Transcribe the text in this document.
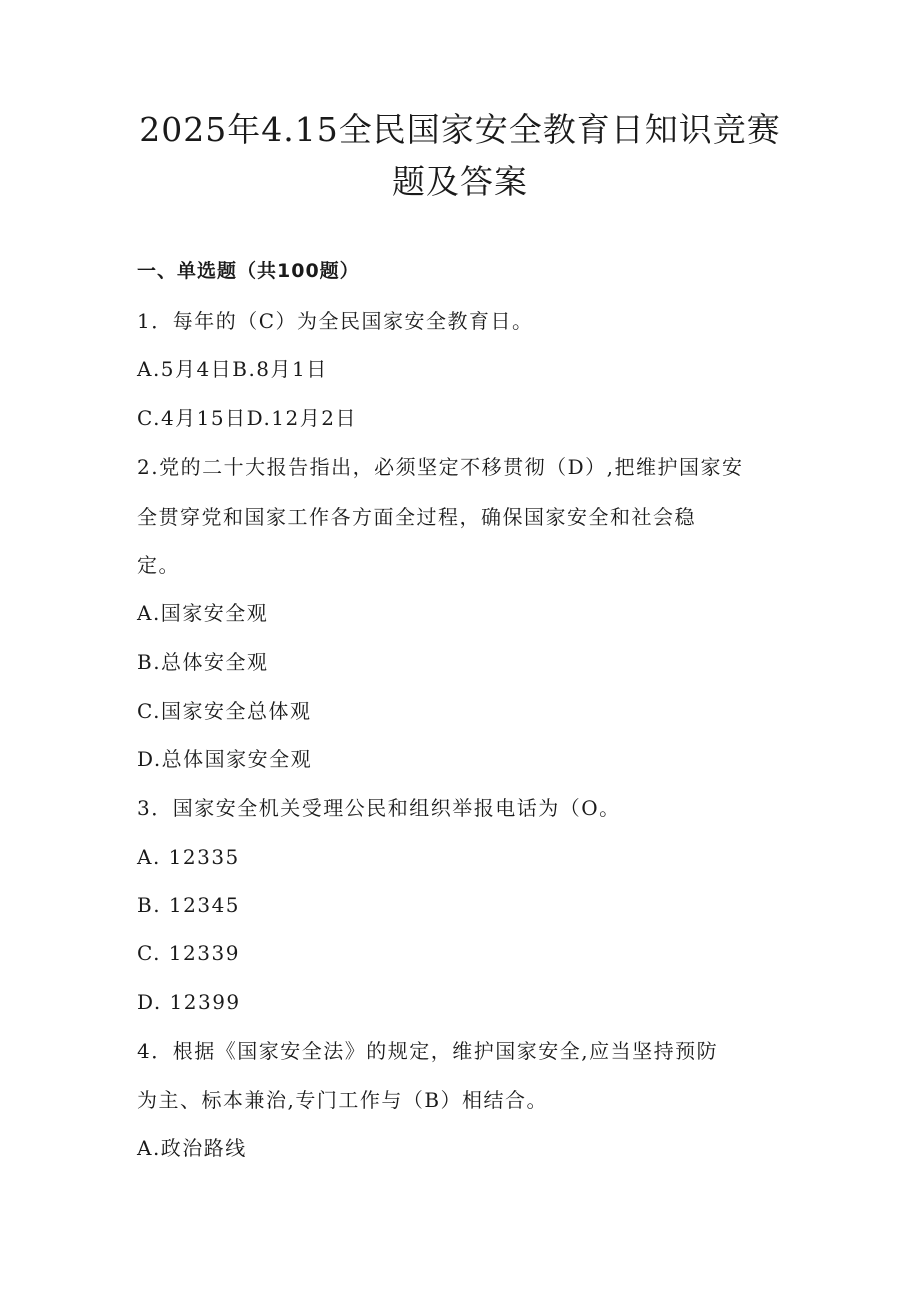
2025年4.15全民国家安全教育日知识竞赛
题及答案
一、单选题（共100题）
1．每年的（C）为全民国家安全教育日。
A.5月4日B.8月1日
C.4月15日D.12月2日
2.党的二十大报告指出，必须坚定不移贯彻（D）,把维护国家安
全贯穿党和国家工作各方面全过程，确保国家安全和社会稳
定。
A.国家安全观
B.总体安全观
C.国家安全总体观
D.总体国家安全观
3．国家安全机关受理公民和组织举报电话为（O。
A. 12335
B. 12345
C. 12339
D. 12399
4．根据《国家安全法》的规定，维护国家安全,应当坚持预防
为主、标本兼治,专门工作与（B）相结合。
A.政治路线
